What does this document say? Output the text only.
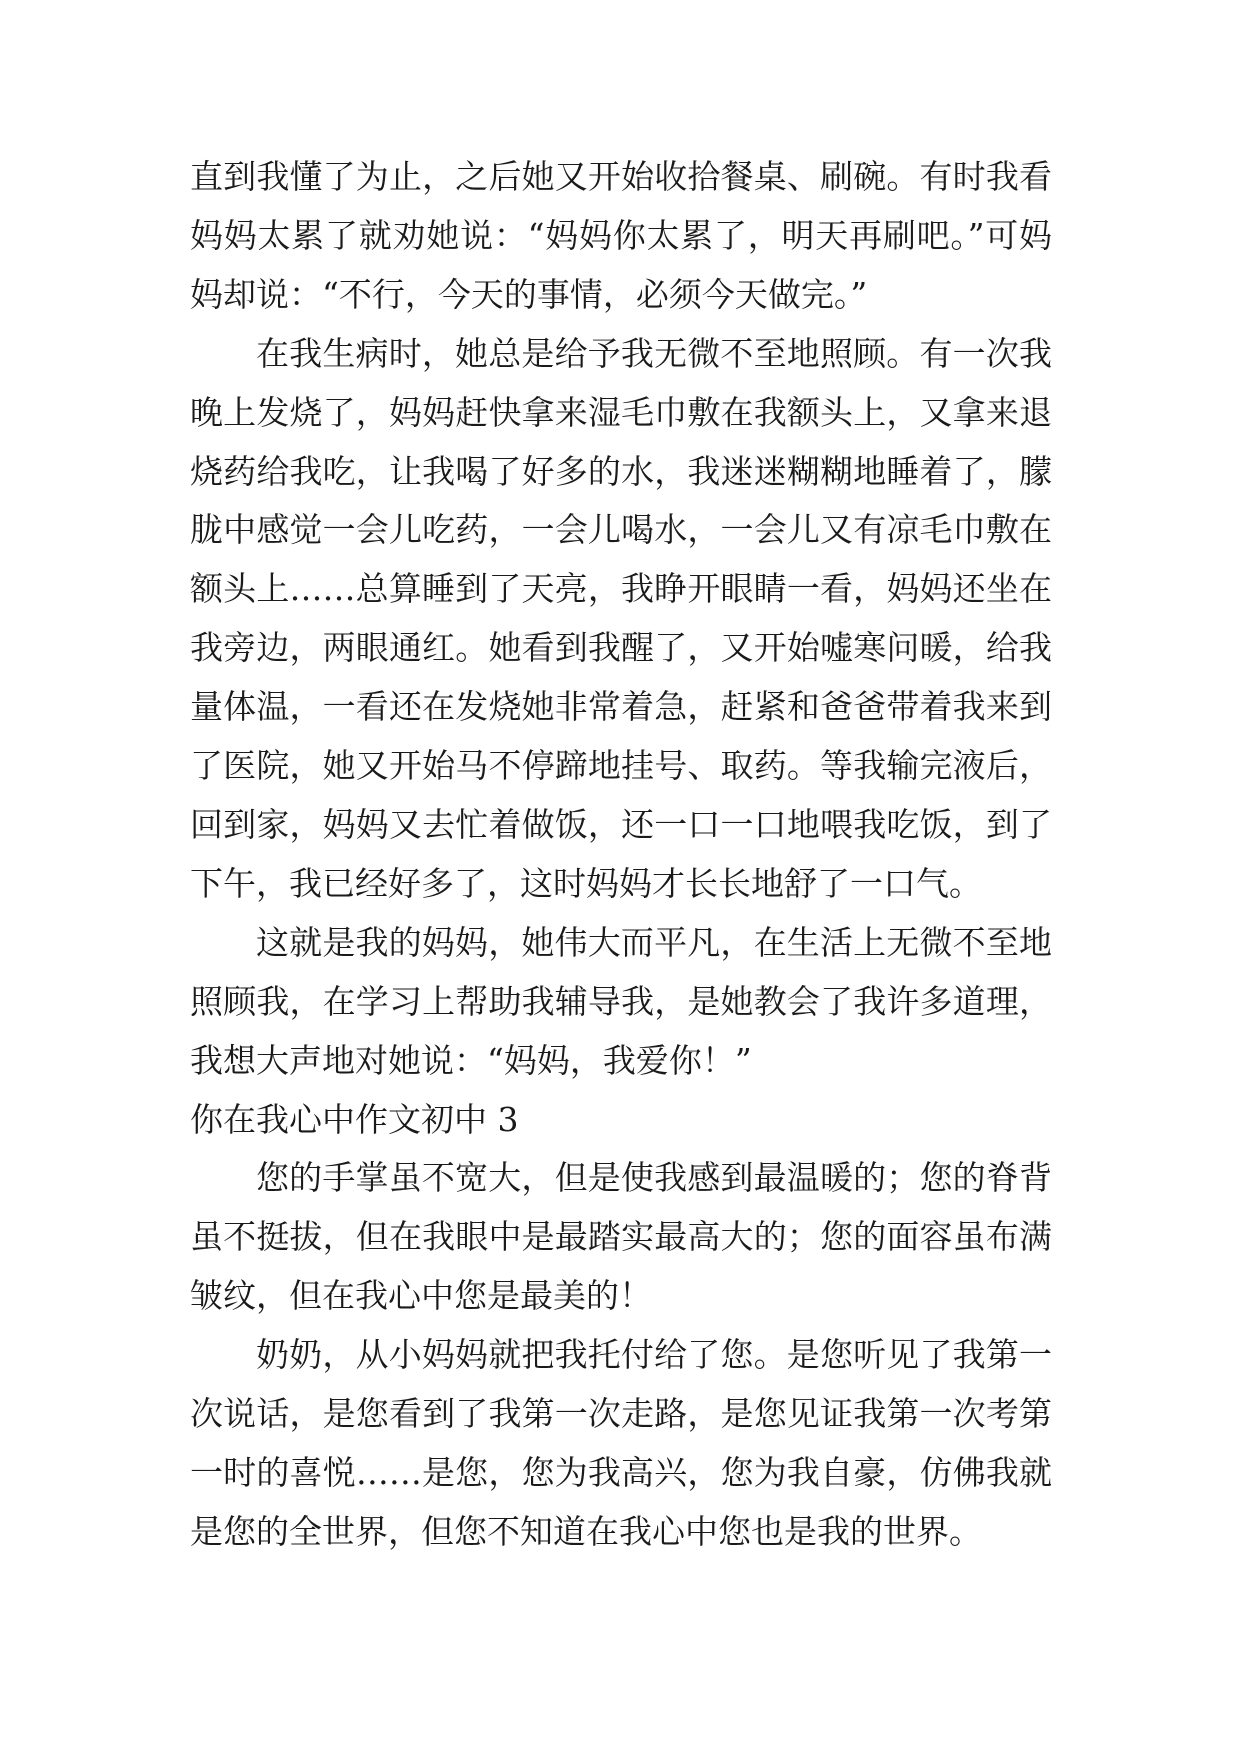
直到我懂了为止，之后她又开始收拾餐桌、刷碗。有时我看妈妈太累了就劝她说：“妈妈你太累了，明天再刷吧。”可妈妈却说：“不行，今天的事情，必须今天做完。”

在我生病时，她总是给予我无微不至地照顾。有一次我晚上发烧了，妈妈赶快拿来湿毛巾敷在我额头上，又拿来退烧药给我吃，让我喝了好多的水，我迷迷糊糊地睡着了，朦胧中感觉一会儿吃药，一会儿喝水，一会儿又有凉毛巾敷在额头上……总算睡到了天亮，我睁开眼睛一看，妈妈还坐在我旁边，两眼通红。她看到我醒了，又开始嘘寒问暖，给我量体温，一看还在发烧她非常着急，赶紧和爸爸带着我来到了医院，她又开始马不停蹄地挂号、取药。等我输完液后，回到家，妈妈又去忙着做饭，还一口一口地喂我吃饭，到了下午，我已经好多了，这时妈妈才长长地舒了一口气。

这就是我的妈妈，她伟大而平凡，在生活上无微不至地照顾我，在学习上帮助我辅导我，是她教会了我许多道理，我想大声地对她说：“妈妈，我爱你！”

你在我心中作文初中 3

您的手掌虽不宽大，但是使我感到最温暖的；您的脊背虽不挺拔，但在我眼中是最踏实最高大的；您的面容虽布满皱纹，但在我心中您是最美的！

奶奶，从小妈妈就把我托付给了您。是您听见了我第一次说话，是您看到了我第一次走路，是您见证我第一次考第一时的喜悦……是您，您为我高兴，您为我自豪，仿佛我就是您的全世界，但您不知道在我心中您也是我的世界。
